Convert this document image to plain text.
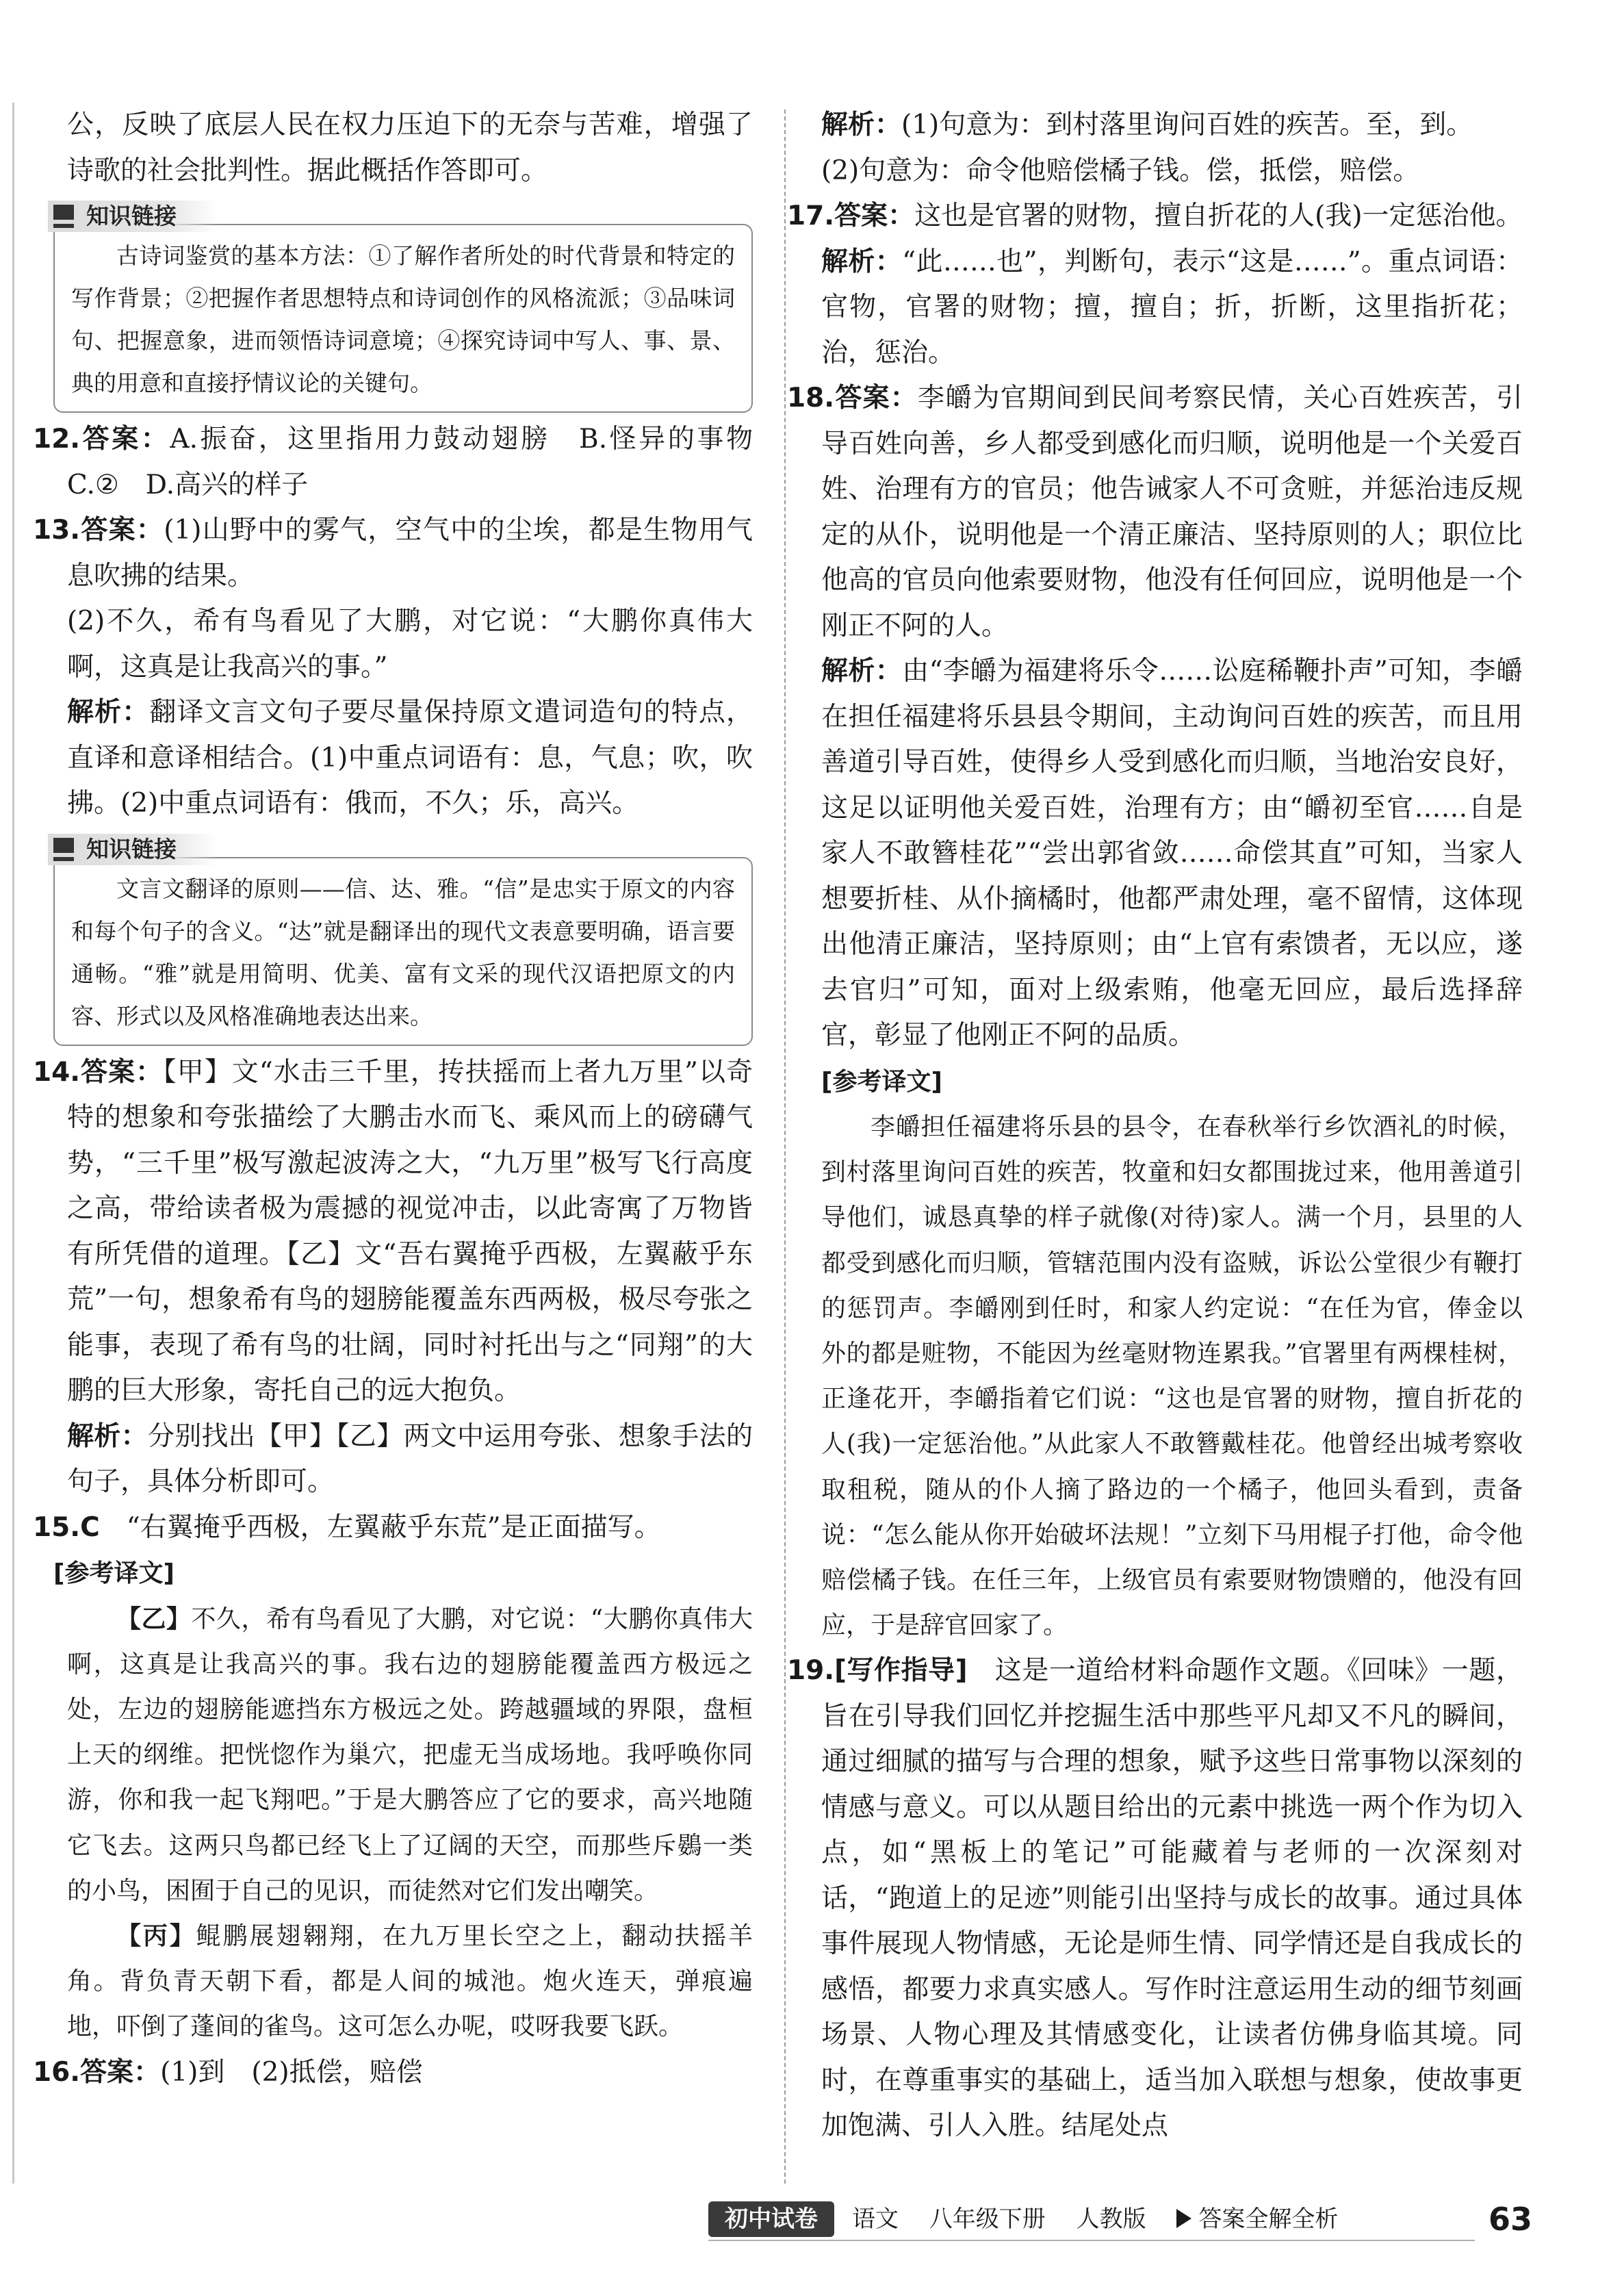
公，反映了底层人民在权力压迫下的无奈与苦难，增强了诗歌的社会批判性。据此概括作答即可。

知识链接

古诗词鉴赏的基本方法：①了解作者所处的时代背景和特定的写作背景；②把握作者思想特点和诗词创作的风格流派；③品味词句、把握意象，进而领悟诗词意境；④探究诗词中写人、事、景、典的用意和直接抒情议论的关键句。

12.答案：A.振奋，这里指用力鼓动翅膀　B.怪异的事物　C.②　D.高兴的样子

13.答案：(1)山野中的雾气，空气中的尘埃，都是生物用气息吹拂的结果。

(2)不久，希有鸟看见了大鹏，对它说：“大鹏你真伟大啊，这真是让我高兴的事。”

解析：翻译文言文句子要尽量保持原文遣词造句的特点，直译和意译相结合。(1)中重点词语有：息，气息；吹，吹拂。(2)中重点词语有：俄而，不久；乐，高兴。

知识链接

文言文翻译的原则——信、达、雅。“信”是忠实于原文的内容和每个句子的含义。“达”就是翻译出的现代文表意要明确，语言要通畅。“雅”就是用简明、优美、富有文采的现代汉语把原文的内容、形式以及风格准确地表达出来。

14.答案：【甲】文“水击三千里，抟扶摇而上者九万里”以奇特的想象和夸张描绘了大鹏击水而飞、乘风而上的磅礴气势，“三千里”极写激起波涛之大，“九万里”极写飞行高度之高，带给读者极为震撼的视觉冲击，以此寄寓了万物皆有所凭借的道理。【乙】文“吾右翼掩乎西极，左翼蔽乎东荒”一句，想象希有鸟的翅膀能覆盖东西两极，极尽夸张之能事，表现了希有鸟的壮阔，同时衬托出与之“同翔”的大鹏的巨大形象，寄托自己的远大抱负。

解析：分别找出【甲】【乙】两文中运用夸张、想象手法的句子，具体分析即可。

15.C　 “右翼掩乎西极，左翼蔽乎东荒”是正面描写。

[参考译文]

【乙】不久，希有鸟看见了大鹏，对它说：“大鹏你真伟大啊，这真是让我高兴的事。我右边的翅膀能覆盖西方极远之处，左边的翅膀能遮挡东方极远之处。跨越疆域的界限，盘桓上天的纲维。把恍惚作为巢穴，把虚无当成场地。我呼唤你同游，你和我一起飞翔吧。”于是大鹏答应了它的要求，高兴地随它飞去。这两只鸟都已经飞上了辽阔的天空，而那些斥鷃一类的小鸟，困囿于自己的见识，而徒然对它们发出嘲笑。

【丙】鲲鹏展翅翱翔，在九万里长空之上，翻动扶摇羊角。背负青天朝下看，都是人间的城池。炮火连天，弹痕遍地，吓倒了蓬间的雀鸟。这可怎么办呢，哎呀我要飞跃。

16.答案：(1)到　(2)抵偿，赔偿

解析：(1)句意为：到村落里询问百姓的疾苦。至，到。

(2)句意为：命令他赔偿橘子钱。偿，抵偿，赔偿。

17.答案：这也是官署的财物，擅自折花的人(我)一定惩治他。

解析：“此……也”，判断句，表示“这是……”。重点词语：官物，官署的财物；擅，擅自；折，折断，这里指折花；治，惩治。

18.答案：李皭为官期间到民间考察民情，关心百姓疾苦，引导百姓向善，乡人都受到感化而归顺，说明他是一个关爱百姓、治理有方的官员；他告诫家人不可贪赃，并惩治违反规定的从仆，说明他是一个清正廉洁、坚持原则的人；职位比他高的官员向他索要财物，他没有任何回应，说明他是一个刚正不阿的人。

解析：由“李皭为福建将乐令……讼庭稀鞭扑声”可知，李皭在担任福建将乐县县令期间，主动询问百姓的疾苦，而且用善道引导百姓，使得乡人受到感化而归顺，当地治安良好，这足以证明他关爱百姓，治理有方；由“皭初至官……自是家人不敢簪桂花”“尝出郭省敛……命偿其直”可知，当家人想要折桂、从仆摘橘时，他都严肃处理，毫不留情，这体现出他清正廉洁，坚持原则；由“上官有索馈者，无以应，遂去官归”可知，面对上级索贿，他毫无回应，最后选择辞官，彰显了他刚正不阿的品质。

[参考译文]

李皭担任福建将乐县的县令，在春秋举行乡饮酒礼的时候，到村落里询问百姓的疾苦，牧童和妇女都围拢过来，他用善道引导他们，诚恳真挚的样子就像(对待)家人。满一个月，县里的人都受到感化而归顺，管辖范围内没有盗贼，诉讼公堂很少有鞭打的惩罚声。李皭刚到任时，和家人约定说：“在任为官，俸金以外的都是赃物，不能因为丝毫财物连累我。”官署里有两棵桂树，正逢花开，李皭指着它们说：“这也是官署的财物，擅自折花的人(我)一定惩治他。”从此家人不敢簪戴桂花。他曾经出城考察收取租税，随从的仆人摘了路边的一个橘子，他回头看到，责备说：“怎么能从你开始破坏法规！”立刻下马用棍子打他，命令他赔偿橘子钱。在任三年，上级官员有索要财物馈赠的，他没有回应，于是辞官回家了。

19.[写作指导]　 这是一道给材料命题作文题。《回味》一题，旨在引导我们回忆并挖掘生活中那些平凡却又不凡的瞬间，通过细腻的描写与合理的想象，赋予这些日常事物以深刻的情感与意义。可以从题目给出的元素中挑选一两个作为切入点，如“黑板上的笔记”可能藏着与老师的一次深刻对话，“跑道上的足迹”则能引出坚持与成长的故事。通过具体事件展现人物情感，无论是师生情、同学情还是自我成长的感悟，都要力求真实感人。写作时注意运用生动的细节刻画场景、人物心理及其情感变化，让读者仿佛身临其境。同时，在尊重事实的基础上，适当加入联想与想象，使故事更加饱满、引人入胜。结尾处点

初中试卷	语文 八年级下册 人教版 答案全解全析	63
